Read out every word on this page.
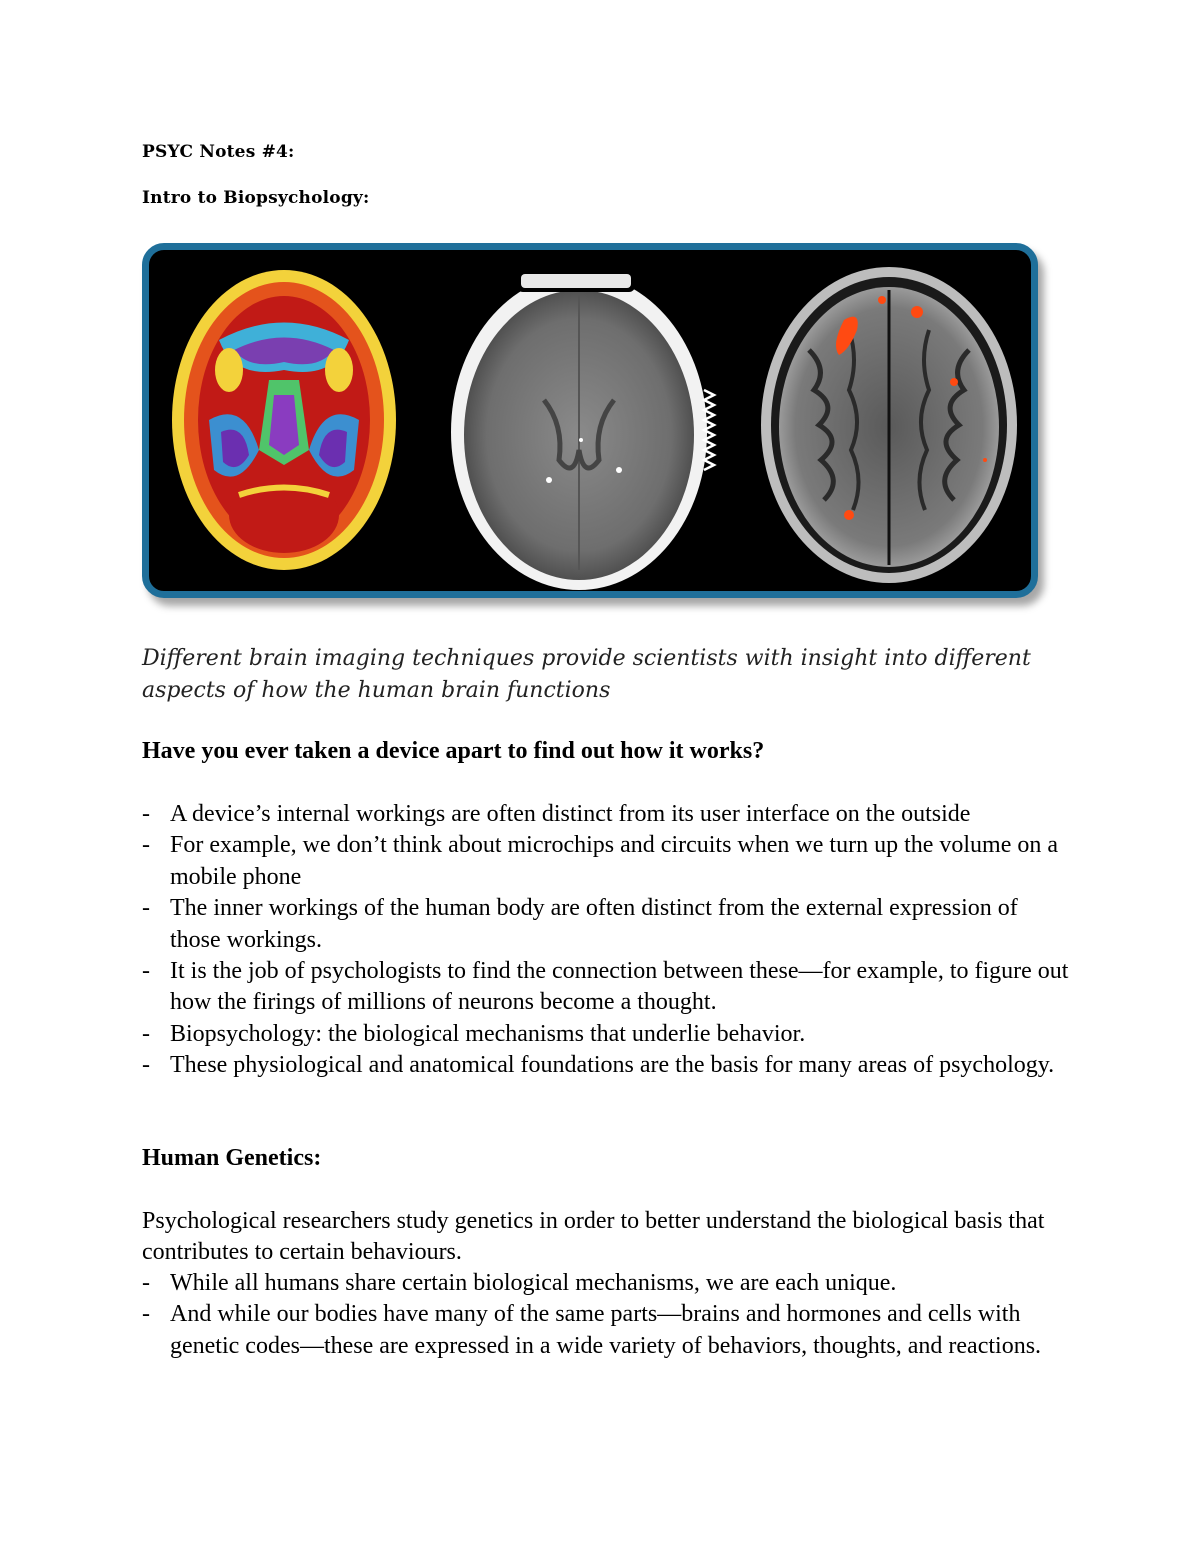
PSYC Notes #4:
Intro to Biopsychology:
Different brain imaging techniques provide scientists with insight into different aspects of how the human brain functions
Have you ever taken a device apart to find out how it works?
- A device’s internal workings are often distinct from its user interface on the outside
- For example, we don’t think about microchips and circuits when we turn up the volume on a mobile phone
- The inner workings of the human body are often distinct from the external expression of those workings.
- It is the job of psychologists to find the connection between these—for example, to figure out how the firings of millions of neurons become a thought.
- Biopsychology: the biological mechanisms that underlie behavior.
- These physiological and anatomical foundations are the basis for many areas of psychology.
Human Genetics:
Psychological researchers study genetics in order to better understand the biological basis that contributes to certain behaviours.
- While all humans share certain biological mechanisms, we are each unique.
- And while our bodies have many of the same parts—brains and hormones and cells with genetic codes—these are expressed in a wide variety of behaviors, thoughts, and reactions.
